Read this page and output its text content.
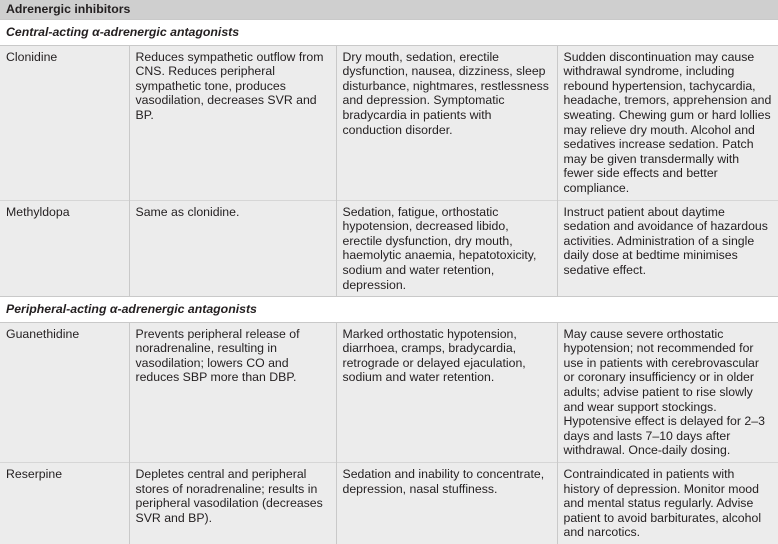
Adrenergic inhibitors			
Central-acting α-adrenergic antagonists			
Clonidine	Reduces sympathetic outflow from CNS. Reduces peripheral sympathetic tone, produces vasodilation, decreases SVR and BP.	Dry mouth, sedation, erectile dysfunction, nausea, dizziness, sleep disturbance, nightmares, restlessness and depression. Symptomatic bradycardia in patients with conduction disorder.	Sudden discontinuation may cause withdrawal syndrome, including rebound hypertension, tachycardia, headache, tremors, apprehension and sweating. Chewing gum or hard lollies may relieve dry mouth. Alcohol and sedatives increase sedation. Patch may be given transdermally with fewer side effects and better compliance.
Methyldopa	Same as clonidine.	Sedation, fatigue, orthostatic hypotension, decreased libido, erectile dysfunction, dry mouth, haemolytic anaemia, hepatotoxicity, sodium and water retention, depression.	Instruct patient about daytime sedation and avoidance of hazardous activities. Administration of a single daily dose at bedtime minimises sedative effect.
Peripheral-acting α-adrenergic antagonists			
Guanethidine	Prevents peripheral release of noradrenaline, resulting in vasodilation; lowers CO and reduces SBP more than DBP.	Marked orthostatic hypotension, diarrhoea, cramps, bradycardia, retrograde or delayed ejaculation, sodium and water retention.	May cause severe orthostatic hypotension; not recommended for use in patients with cerebrovascular or coronary insufficiency or in older adults; advise patient to rise slowly and wear support stockings. Hypotensive effect is delayed for 2–3 days and lasts 7–10 days after withdrawal. Once-daily dosing.
Reserpine	Depletes central and peripheral stores of noradrenaline; results in peripheral vasodilation (decreases SVR and BP).	Sedation and inability to concentrate, depression, nasal stuffiness.	Contraindicated in patients with history of depression. Monitor mood and mental status regularly. Advise patient to avoid barbiturates, alcohol and narcotics.
